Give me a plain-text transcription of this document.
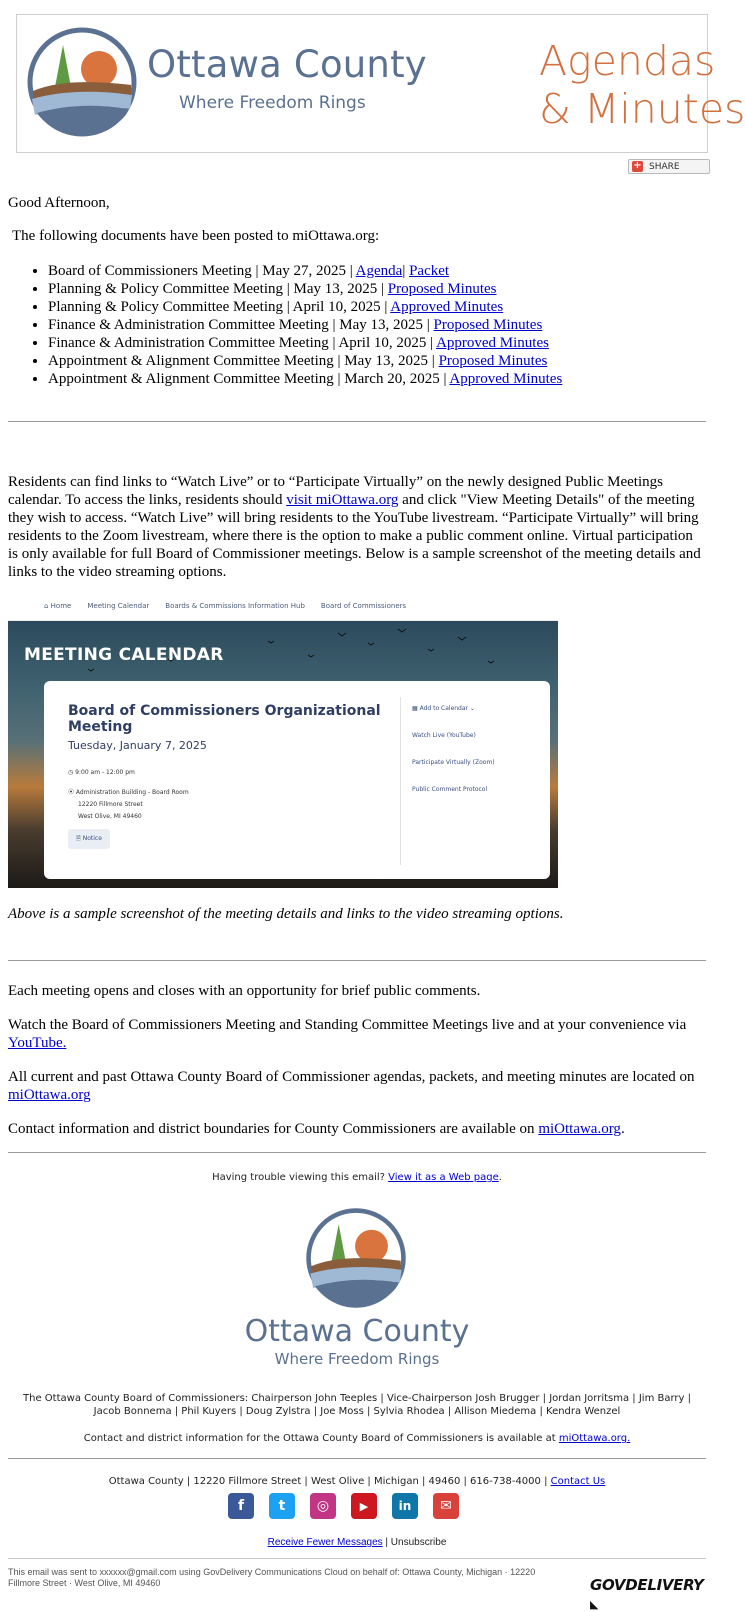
Ottawa County
Where Freedom Rings
Agendas
& Minutes
+ SHARE
Good Afternoon,
The following documents have been posted to miOttawa.org:
• Board of Commissioners Meeting | May 27, 2025 | Agenda| Packet
• Planning & Policy Committee Meeting | May 13, 2025 | Proposed Minutes
• Planning & Policy Committee Meeting | April 10, 2025 | Approved Minutes
• Finance & Administration Committee Meeting | May 13, 2025 | Proposed Minutes
• Finance & Administration Committee Meeting | April 10, 2025 | Approved Minutes
• Appointment & Alignment Committee Meeting | May 13, 2025 | Proposed Minutes
• Appointment & Alignment Committee Meeting | March 20, 2025 | Approved Minutes
Residents can find links to “Watch Live” or to “Participate Virtually” on the newly designed Public Meetings calendar. To access the links, residents should visit miOttawa.org and click "View Meeting Details" of the meeting they wish to access. “Watch Live” will bring residents to the YouTube livestream. “Participate Virtually” will bring residents to the Zoom livestream, where there is the option to make a public comment online. Virtual participation is only available for full Board of Commissioner meetings. Below is a sample screenshot of the meeting details and links to the video streaming options.
⌂ Home Meeting Calendar Boards & Commissions Information Hub Board of Commissioners
MEETING CALENDAR
Board of Commissioners Organizational Meeting
Tuesday, January 7, 2025
◷ 9:00 am - 12:00 pm
⦿ Administration Building - Board Room
12220 Fillmore Street
West Olive, MI 49460
🗎 Notice
▦ Add to Calendar ⌄
Watch Live (YouTube)
Participate Virtually (Zoom)
Public Comment Protocol
Above is a sample screenshot of the meeting details and links to the video streaming options.
Each meeting opens and closes with an opportunity for brief public comments.
Watch the Board of Commissioners Meeting and Standing Committee Meetings live and at your convenience via YouTube.
All current and past Ottawa County Board of Commissioner agendas, packets, and meeting minutes are located on miOttawa.org
Contact information and district boundaries for County Commissioners are available on miOttawa.org.
Having trouble viewing this email? View it as a Web page.
Ottawa County
Where Freedom Rings
The Ottawa County Board of Commissioners: Chairperson John Teeples | Vice-Chairperson Josh Brugger | Jordan Jorritsma | Jim Barry | Jacob Bonnema | Phil Kuyers | Doug Zylstra | Joe Moss | Sylvia Rhodea | Allison Miedema | Kendra Wenzel
Contact and district information for the Ottawa County Board of Commissioners is available at miOttawa.org.
Ottawa County | 12220 Fillmore Street | West Olive | Michigan | 49460 | 616-738-4000 | Contact Us
f	t	◎	▶	in	✉
Receive Fewer Messages | Unsubscribe
This email was sent to xxxxxx@gmail.com using GovDelivery Communications Cloud on behalf of: Ottawa County, Michigan · 12220 Fillmore Street · West Olive, MI 49460	GOVDELIVERY ◣
